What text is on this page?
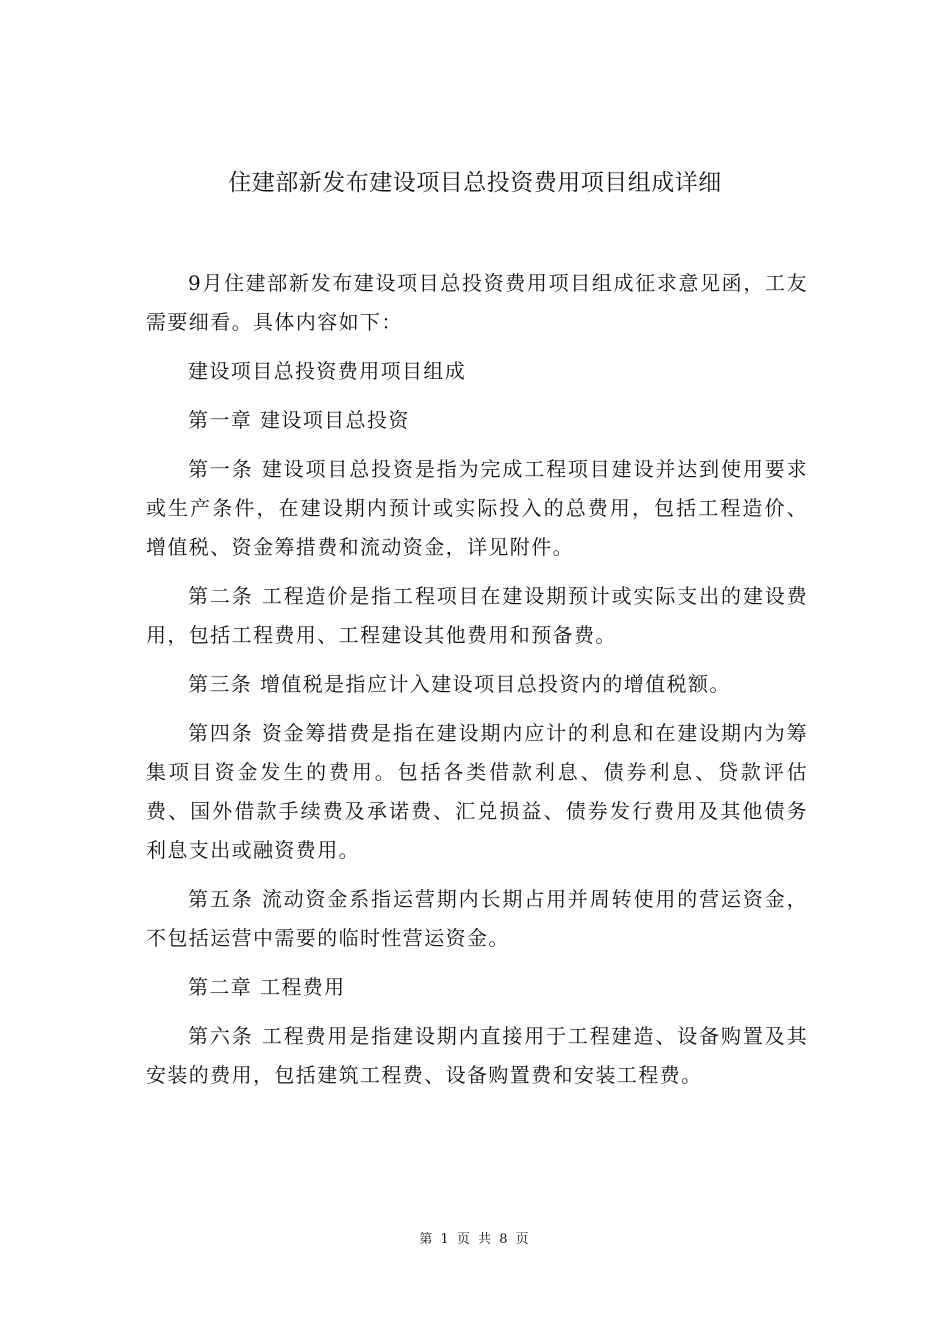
住建部新发布建设项目总投资费用项目组成详细

9月住建部新发布建设项目总投资费用项目组成征求意见函，工友需要细看。具体内容如下：

建设项目总投资费用项目组成

第一章 建设项目总投资

第一条 建设项目总投资是指为完成工程项目建设并达到使用要求或生产条件，在建设期内预计或实际投入的总费用，包括工程造价、增值税、资金筹措费和流动资金，详见附件。

第二条 工程造价是指工程项目在建设期预计或实际支出的建设费用，包括工程费用、工程建设其他费用和预备费。

第三条 增值税是指应计入建设项目总投资内的增值税额。

第四条 资金筹措费是指在建设期内应计的利息和在建设期内为筹集项目资金发生的费用。包括各类借款利息、债券利息、贷款评估费、国外借款手续费及承诺费、汇兑损益、债券发行费用及其他债务利息支出或融资费用。

第五条 流动资金系指运营期内长期占用并周转使用的营运资金，不包括运营中需要的临时性营运资金。

第二章 工程费用

第六条 工程费用是指建设期内直接用于工程建造、设备购置及其安装的费用，包括建筑工程费、设备购置费和安装工程费。

第 1 页 共 8 页
